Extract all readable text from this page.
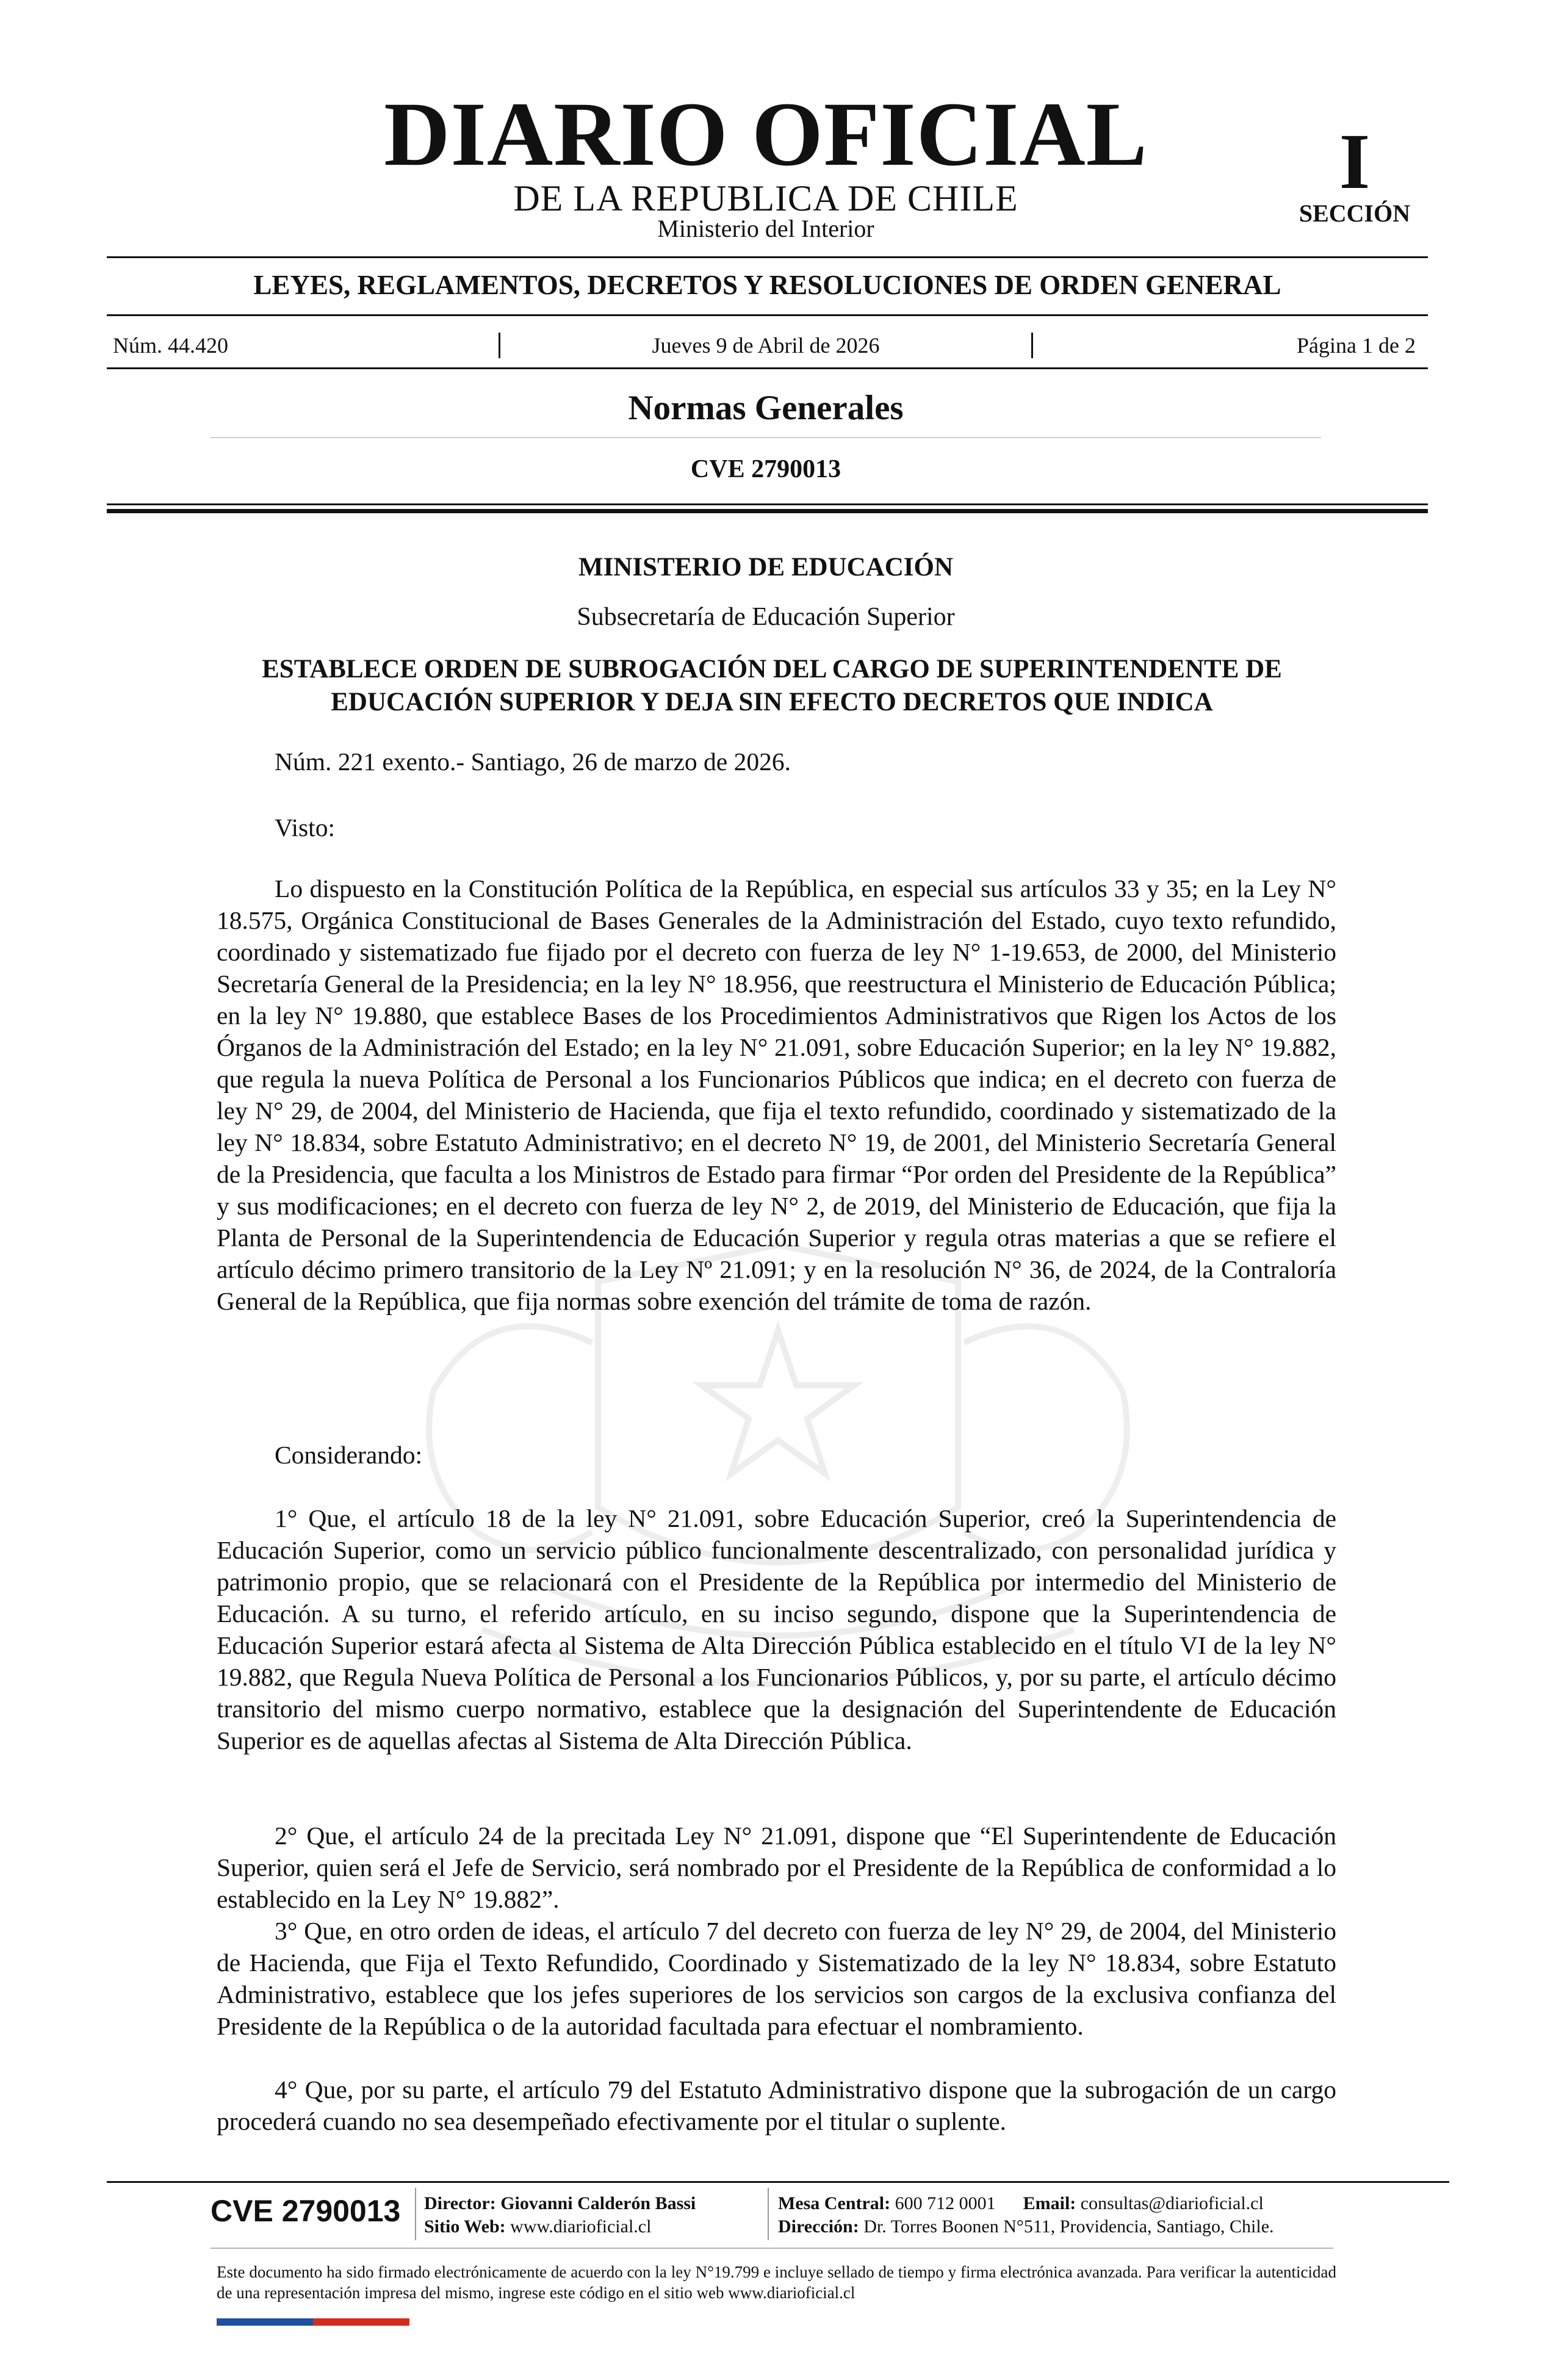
DIARIO OFICIAL
DE LA REPUBLICA DE CHILE
Ministerio del Interior
I
SECCIÓN
LEYES, REGLAMENTOS, DECRETOS Y RESOLUCIONES DE ORDEN GENERAL
Núm. 44.420	Jueves 9 de Abril de 2026	Página 1 de 2
Normas Generales
CVE 2790013
MINISTERIO DE EDUCACIÓN
Subsecretaría de Educación Superior
ESTABLECE ORDEN DE SUBROGACIÓN DEL CARGO DE SUPERINTENDENTE DE EDUCACIÓN SUPERIOR Y DEJA SIN EFECTO DECRETOS QUE INDICA
Núm. 221 exento.- Santiago, 26 de marzo de 2026.
Visto:
Lo dispuesto en la Constitución Política de la República, en especial sus artículos 33 y 35; en la Ley N° 18.575, Orgánica Constitucional de Bases Generales de la Administración del Estado, cuyo texto refundido, coordinado y sistematizado fue fijado por el decreto con fuerza de ley N° 1-19.653, de 2000, del Ministerio Secretaría General de la Presidencia; en la ley N° 18.956, que reestructura el Ministerio de Educación Pública; en la ley N° 19.880, que establece Bases de los Procedimientos Administrativos que Rigen los Actos de los Órganos de la Administración del Estado; en la ley N° 21.091, sobre Educación Superior; en la ley N° 19.882, que regula la nueva Política de Personal a los Funcionarios Públicos que indica; en el decreto con fuerza de ley N° 29, de 2004, del Ministerio de Hacienda, que fija el texto refundido, coordinado y sistematizado de la ley N° 18.834, sobre Estatuto Administrativo; en el decreto N° 19, de 2001, del Ministerio Secretaría General de la Presidencia, que faculta a los Ministros de Estado para firmar “Por orden del Presidente de la República” y sus modificaciones; en el decreto con fuerza de ley N° 2, de 2019, del Ministerio de Educación, que fija la Planta de Personal de la Superintendencia de Educación Superior y regula otras materias a que se refiere el artículo décimo primero transitorio de la Ley Nº 21.091; y en la resolución N° 36, de 2024, de la Contraloría General de la República, que fija normas sobre exención del trámite de toma de razón.
Considerando:
1° Que, el artículo 18 de la ley N° 21.091, sobre Educación Superior, creó la Superintendencia de Educación Superior, como un servicio público funcionalmente descentralizado, con personalidad jurídica y patrimonio propio, que se relacionará con el Presidente de la República por intermedio del Ministerio de Educación. A su turno, el referido artículo, en su inciso segundo, dispone que la Superintendencia de Educación Superior estará afecta al Sistema de Alta Dirección Pública establecido en el título VI de la ley N° 19.882, que Regula Nueva Política de Personal a los Funcionarios Públicos, y, por su parte, el artículo décimo transitorio del mismo cuerpo normativo, establece que la designación del Superintendente de Educación Superior es de aquellas afectas al Sistema de Alta Dirección Pública.
2° Que, el artículo 24 de la precitada Ley N° 21.091, dispone que “El Superintendente de Educación Superior, quien será el Jefe de Servicio, será nombrado por el Presidente de la República de conformidad a lo establecido en la Ley N° 19.882”.
3° Que, en otro orden de ideas, el artículo 7 del decreto con fuerza de ley N° 29, de 2004, del Ministerio de Hacienda, que Fija el Texto Refundido, Coordinado y Sistematizado de la ley N° 18.834, sobre Estatuto Administrativo, establece que los jefes superiores de los servicios son cargos de la exclusiva confianza del Presidente de la República o de la autoridad facultada para efectuar el nombramiento.
4° Que, por su parte, el artículo 79 del Estatuto Administrativo dispone que la subrogación de un cargo procederá cuando no sea desempeñado efectivamente por el titular o suplente.
CVE 2790013 Director: Giovanni Calderón Bassi
Sitio Web: www.diarioficial.cl
Mesa Central: 600 712 0001 Email: consultas@diarioficial.cl
Dirección: Dr. Torres Boonen N°511, Providencia, Santiago, Chile.
Este documento ha sido firmado electrónicamente de acuerdo con la ley N°19.799 e incluye sellado de tiempo y firma electrónica avanzada. Para verificar la autenticidad de una representación impresa del mismo, ingrese este código en el sitio web www.diarioficial.cl
